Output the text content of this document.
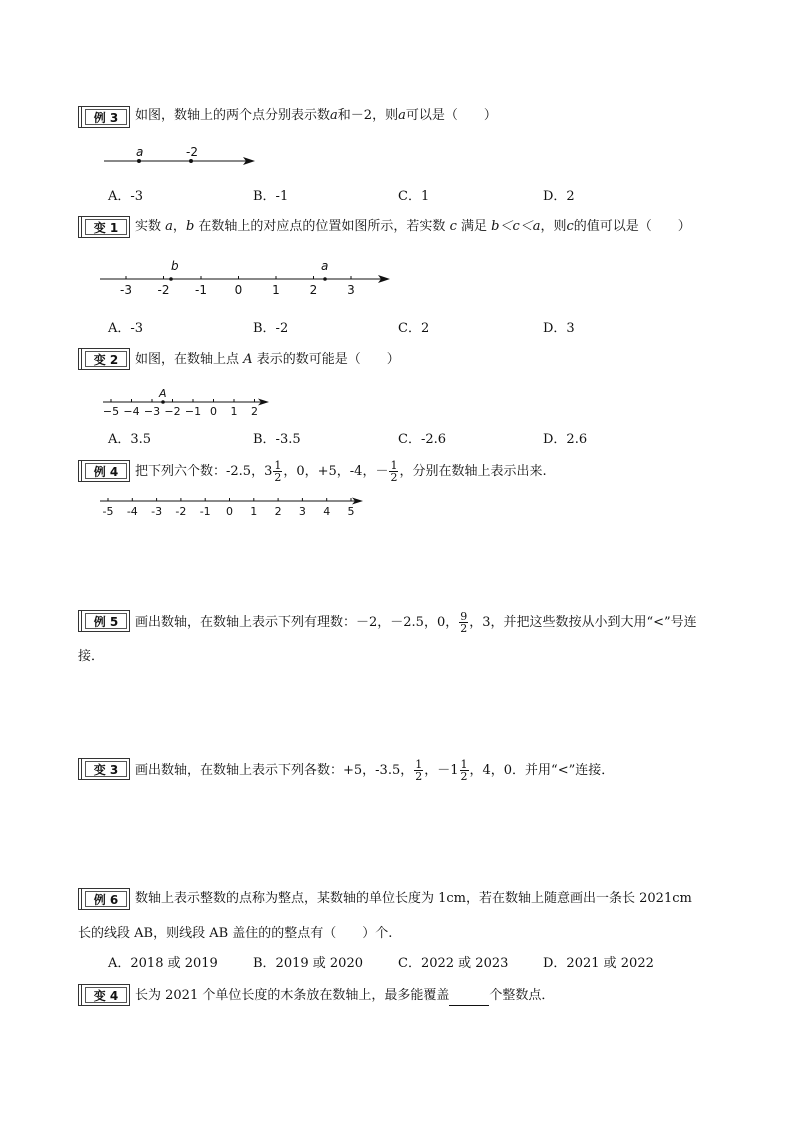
例 3	如图，数轴上的两个点分别表示数a和－2，则a可以是（　　）
a	-2
A．-3	B．-1	C．1	D．2
变 1	实数 a，b 在数轴上的对应点的位置如图所示，若实数 c 满足 b＜c＜a，则c的值可以是（　　）
-3 -2 -1 0 1 2 3
b	a
A．-3	B．-2	C．2	D．3
变 2	如图，在数轴上点 A 表示的数可能是（　　）
−5 −4 −3 −2 −1 0 1 2
A
A．3.5	B．-3.5	C．-2.6	D．2.6
例 4	把下列六个数：-2.5，$3 \frac{1}{2}$ ，0，+5，-4，－ $\frac{1}{2}$ ，分别在数轴上表示出来.
-5 -4 -3 -2 -1 0 1 2 3 4 5
例 5	画出数轴，在数轴上表示下列有理数：－2，－2.5，0， $\frac{9}{2}$ ，3，并把这些数按从小到大用“<”号连
接．
变 3	画出数轴，在数轴上表示下列各数：+5，-3.5， $\frac{1}{2}$ ，$-1 \frac{1}{2}$ ，4，0．并用“<”连接．
例 6	数轴上表示整数的点称为整点，某数轴的单位长度为 1cm，若在数轴上随意画出一条长 2021cm
长的线段 AB，则线段 AB 盖住的的整点有（　　）个.
A．2018 或 2019	B．2019 或 2020	C．2022 或 2023	D．2021 或 2022
变 4	长为 2021 个单位长度的木条放在数轴上，最多能覆盖	个整数点．
